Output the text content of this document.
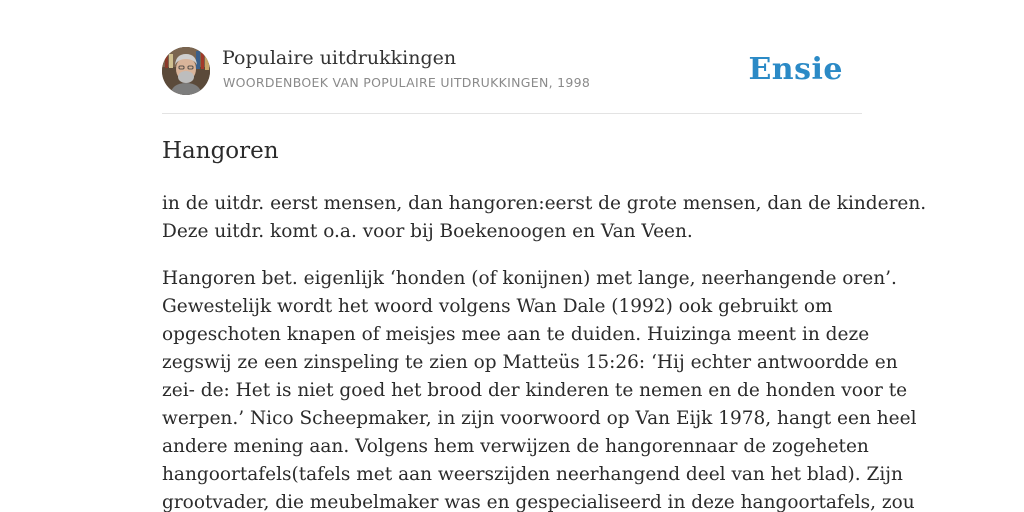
Populaire uitdrukkingen
WOORDENBOEK VAN POPULAIRE UITDRUKKINGEN, 1998	Ensie
Hangoren

in de uitdr. eerst mensen, dan hangoren:eerst de grote mensen, dan de kinderen.
Deze uitdr. komt o.a. voor bij Boekenoogen en Van Veen.

Hangoren bet. eigenlijk ‘honden (of konijnen) met lange, neerhangende oren’.
Gewestelijk wordt het woord volgens Wan Dale (1992) ook gebruikt om
opgeschoten knapen of meisjes mee aan te duiden. Huizinga meent in deze
zegswij ze een zinspeling te zien op Matteüs 15:26: ‘Hij echter antwoordde en
zei- de: Het is niet goed het brood der kinderen te nemen en de honden voor te
werpen.’ Nico Scheepmaker, in zijn voorwoord op Van Eijk 1978, hangt een heel
andere mening aan. Volgens hem verwijzen de hangorennaar de zogeheten
hangoortafels(tafels met aan weerszijden neerhangend deel van het blad). Zijn
grootvader, die meubelmaker was en gespecialiseerd in deze hangoortafels, zou
